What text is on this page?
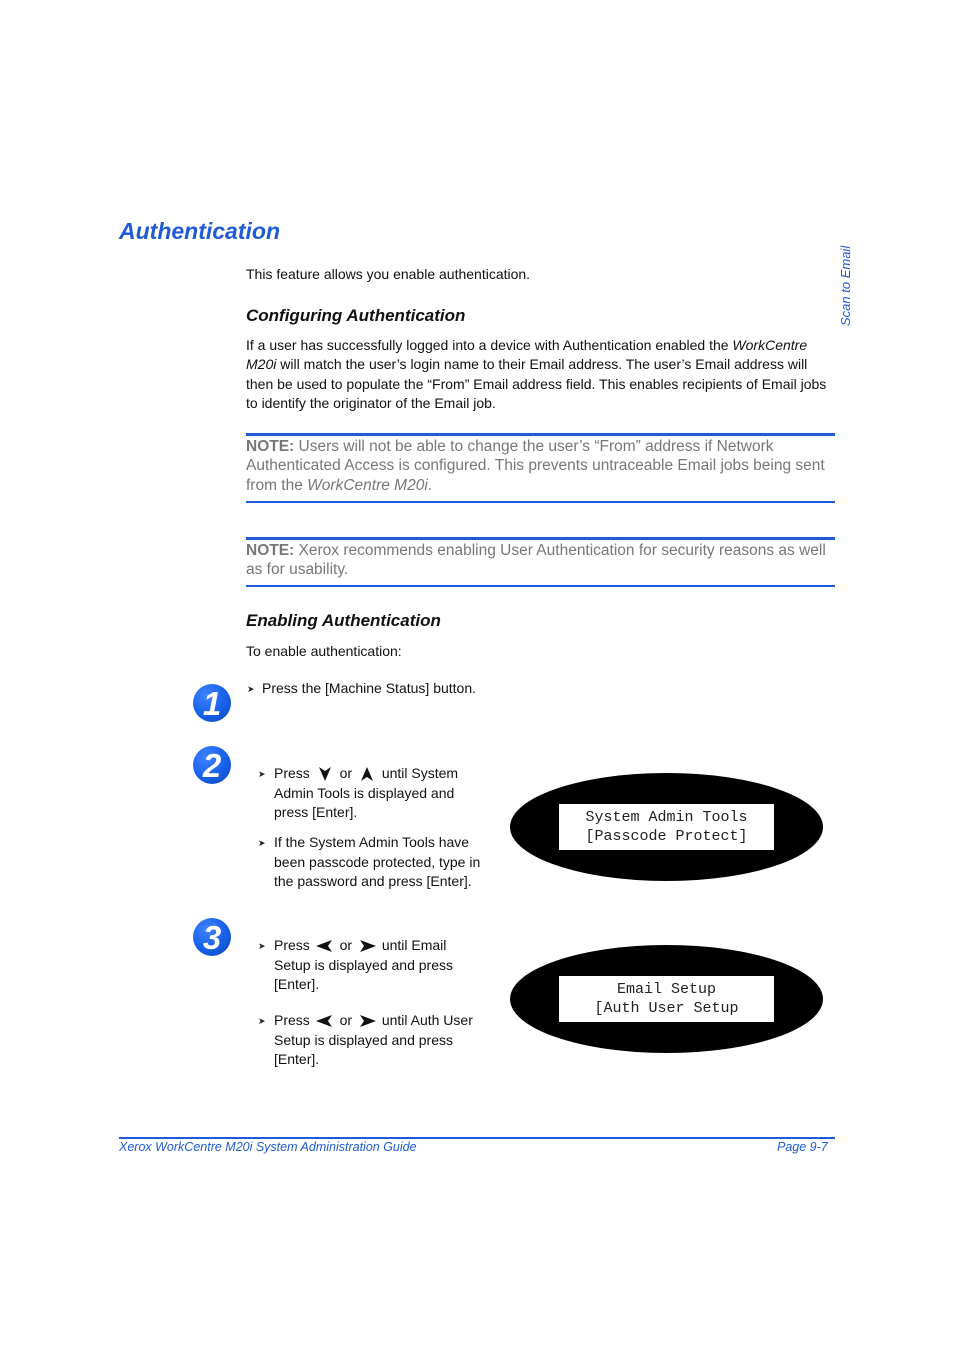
Authentication
Scan to Email
This feature allows you enable authentication.
Configuring Authentication
If a user has successfully logged into a device with Authentication enabled the WorkCentre M20i will match the user’s login name to their Email address. The user’s Email address will then be used to populate the “From” Email address field. This enables recipients of Email jobs to identify the originator of the Email job.
NOTE: Users will not be able to change the user’s “From” address if Network Authenticated Access is configured. This prevents untraceable Email jobs being sent from the WorkCentre M20i.
NOTE: Xerox recommends enabling User Authentication for security reasons as well as for usability.
Enabling Authentication
To enable authentication:
1	➤ Press the [Machine Status] button.
2	➤ Press or until System
Admin Tools is displayed and press [Enter].
➤ If the System Admin Tools have been passcode protected, type in the password and press [Enter].
System Admin Tools
[Passcode Protect]
3	➤ Press or until Email
Setup is displayed and press [Enter].
➤ Press or until Auth User
Setup is displayed and press [Enter].
Email Setup
[Auth User Setup
Xerox WorkCentre M20i System Administration Guide	Page 9-7
